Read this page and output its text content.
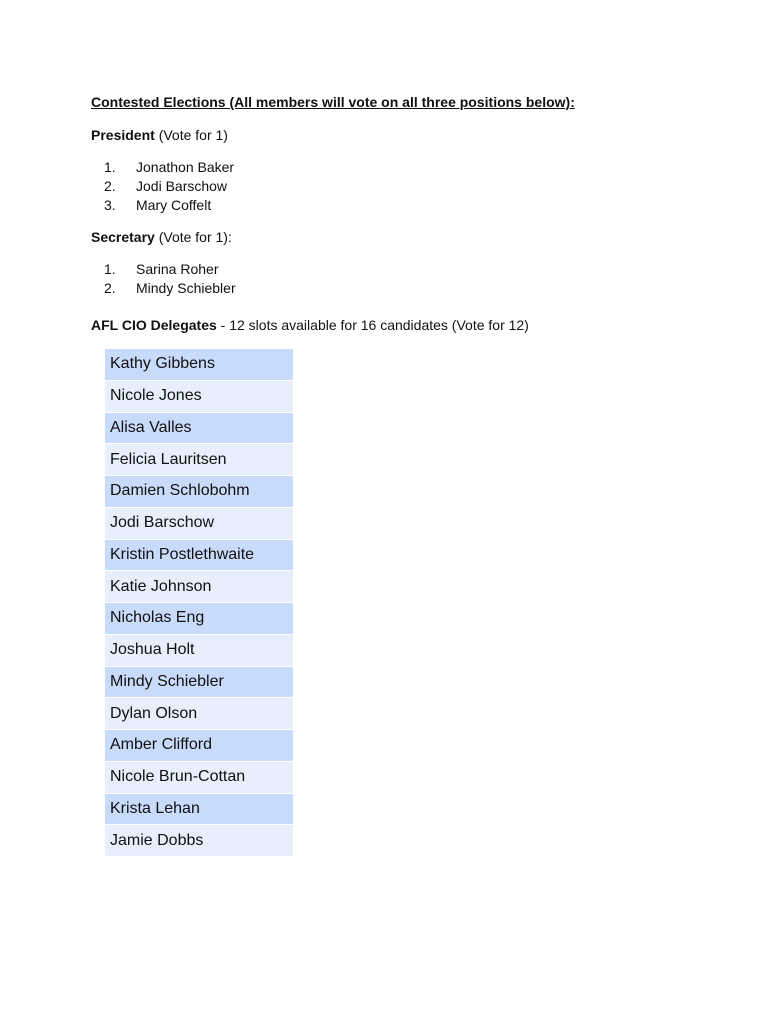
Contested Elections (All members will vote on all three positions below):
President (Vote for 1)
1. Jonathon Baker
2. Jodi Barschow
3. Mary Coffelt
Secretary (Vote for 1):
1. Sarina Roher
2. Mindy Schiebler
AFL CIO Delegates - 12 slots available for 16 candidates (Vote for 12)
Kathy Gibbens
Nicole Jones
Alisa Valles
Felicia Lauritsen
Damien Schlobohm
Jodi Barschow
Kristin Postlethwaite
Katie Johnson
Nicholas Eng
Joshua Holt
Mindy Schiebler
Dylan Olson
Amber Clifford
Nicole Brun-Cottan
Krista Lehan
Jamie Dobbs
